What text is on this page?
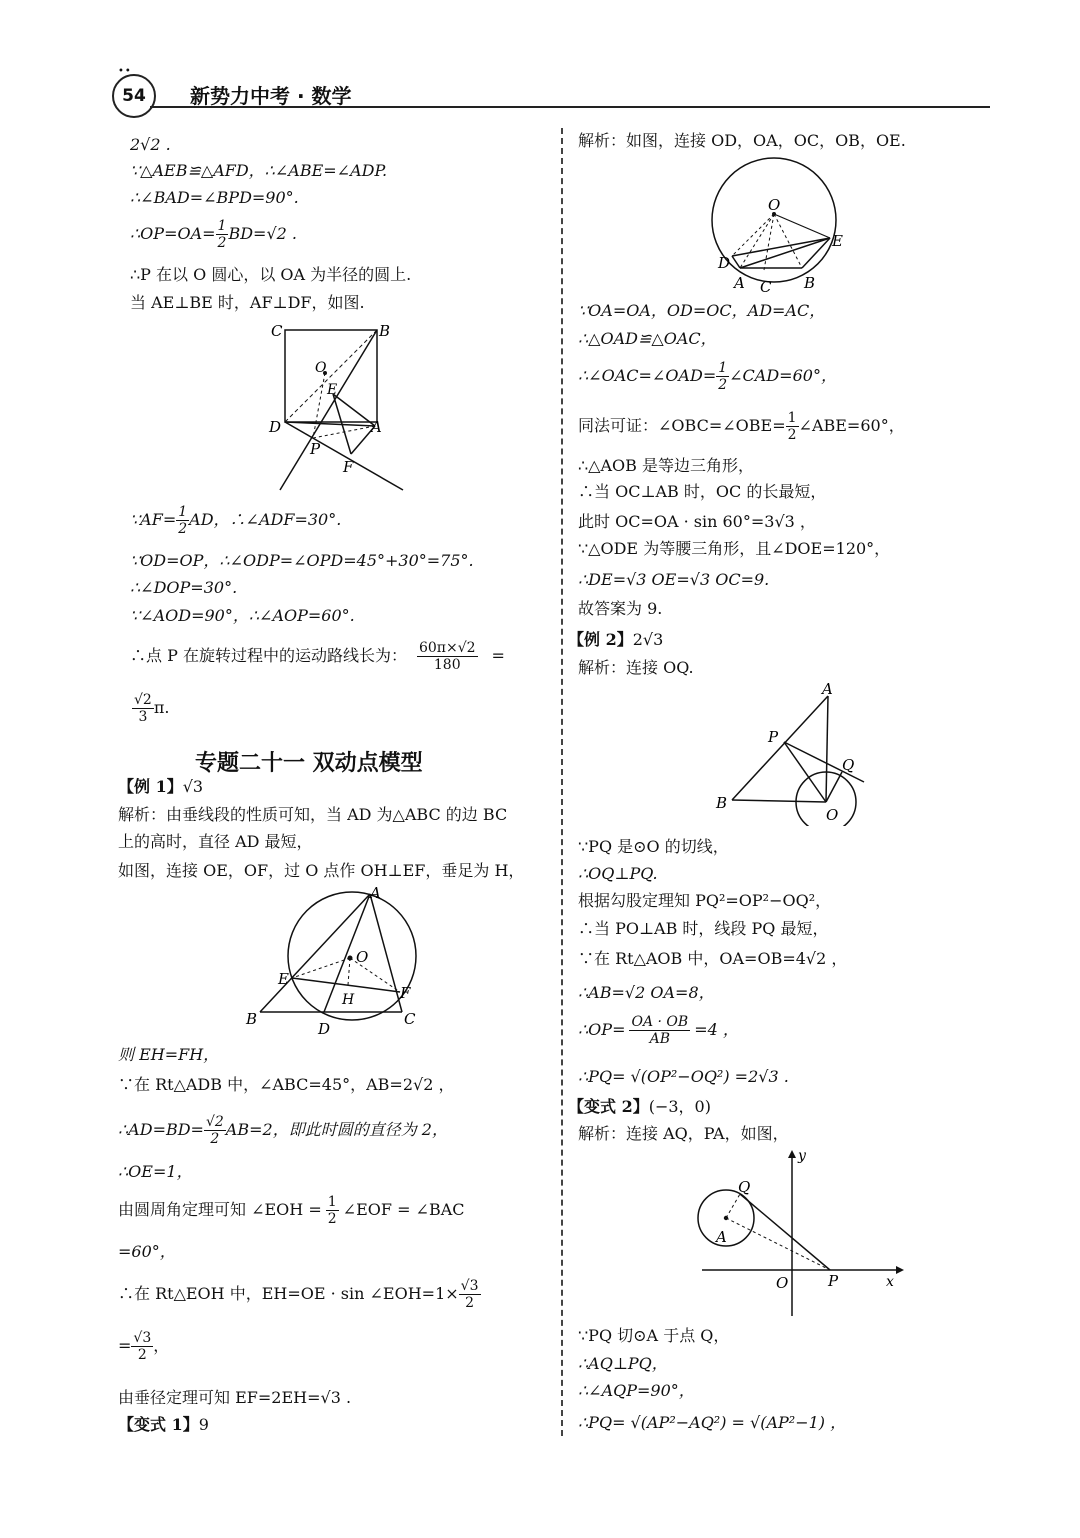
••
54	新势力中考 · 数学
2√2 .
∵△AEB≌△AFD，∴∠ABE=∠ADP.
∴∠BAD=∠BPD=90°.
∴OP=OA= $\frac{1}{2} BD=√2$ .
∴P 在以 O 圆心，以 OA 为半径的圆上.
当 AE⊥BE 时，AF⊥DF，如图.
C	B
O
E
D	A
P
F
∵AF= $\frac{1}{2}$ AD，∴∠ADF=30°.
∵OD=OP，∴∠ODP=∠OPD=45°+30°=75°.
∴∠DOP=30°.
∵∠AOD=90°，∴∠AOP=60°.
∴点 P 在旋转过程中的运动路线长为： $\frac{60\pi\times√2}{180}$ =
$\frac{√2}{3} \pi$.
专题二十一 双动点模型
【例 1】√3
解析：由垂线段的性质可知，当 AD 为△ABC 的边 BC
上的高时，直径 AD 最短，
如图，连接 OE，OF，过 O 点作 OH⊥EF，垂足为 H，
A
O
E
H	F
B
D
C
则 EH=FH，
∵在 Rt△ADB 中，∠ABC=45°，AB=2√2 ，
∴AD=BD= $\frac{√2}{2} AB=2$，即此时圆的直径为 2，
∴OE=1，
由圆周角定理可知 ∠EOH = $\frac{1}{2}$ ∠EOF = ∠BAC
=60°，
∴在 Rt△EOH 中，EH=OE · sin ∠EOH=1× $\frac{√3}{2}$
= $\frac{√3}{2}$ ，
由垂径定理可知 EF=2EH=√3 .
【变式 1】9
解析：如图，连接 OD，OA，OC，OB，OE.
O
E
D
A C B
∵OA=OA，OD=OC，AD=AC，
∴△OAD≌△OAC，
∴∠OAC=∠OAD= $\frac{1}{2}$ ∠CAD=60°，
同法可证：∠OBC=∠OBE= $\frac{1}{2}$ ∠ABE=60°，
∴△AOB 是等边三角形，
∴当 OC⊥AB 时，OC 的长最短，
此时 OC=OA · sin 60°=3√3 ，
∵△ODE 为等腰三角形，且∠DOE=120°，
∴DE=√3 OE=√3 OC=9.
故答案为 9.
【例 2】2√3
解析：连接 OQ.
A
P
Q
B
O
∵PQ 是⊙O 的切线，
∴OQ⊥PQ.
根据勾股定理知 PQ²=OP²−OQ²，
∴当 PO⊥AB 时，线段 PQ 最短，
∵在 Rt△AOB 中，OA=OB=4√2 ，
∴AB=√2 OA=8，
∴OP= $\frac{OA \cdot OB}{AB} =4$ ，
∴PQ= √(OP²−OQ²) =2√3 .
【变式 2】(−3，0)
解析：连接 AQ，PA，如图，
y
Q
A
O	P	x
∵PQ 切⊙A 于点 Q，
∴AQ⊥PQ，
∴∠AQP=90°，
∴PQ= √(AP²−AQ²) = √(AP²−1) ，
